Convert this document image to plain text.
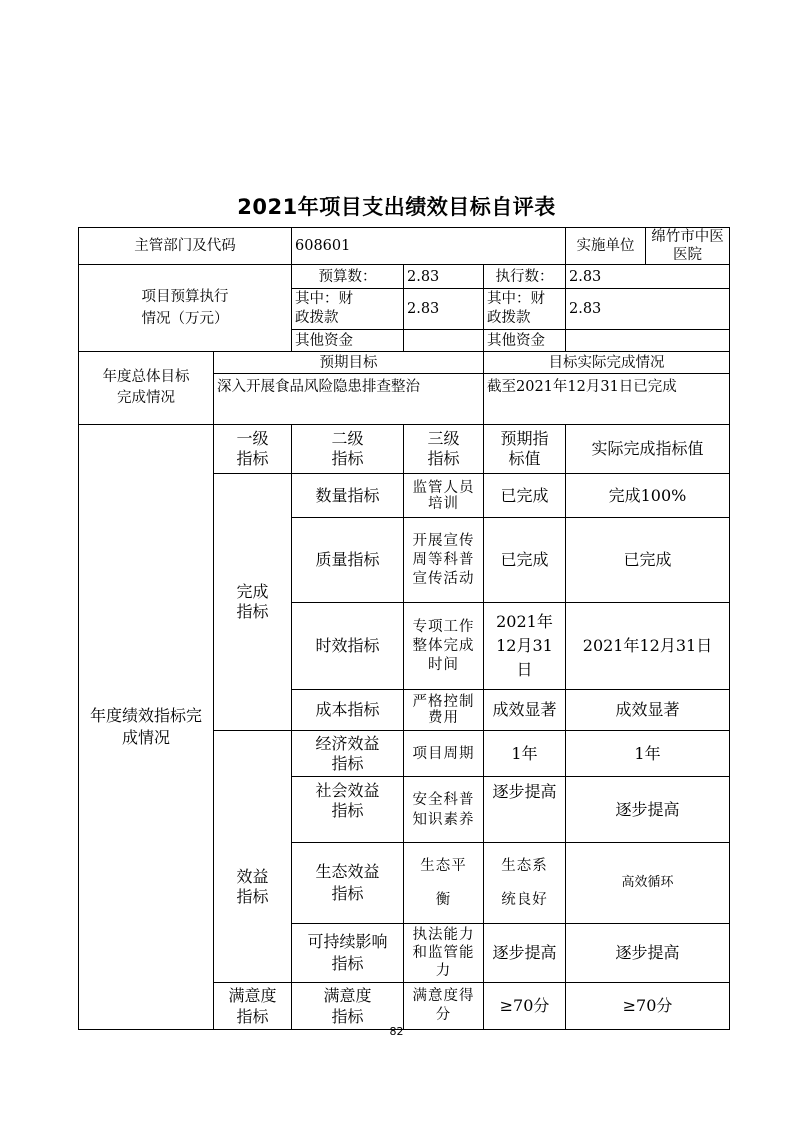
2021年项目支出绩效目标自评表
主管部门及代码		608601			实施单位	绵竹市中医医院

项目预算执行情况（万元）		预算数：	2.83	执行数：	2.83	

		其中：财政拨款	2.83	其中：财政拨款	2.83	
		其他资金		其他资金		

年度总体目标完成情况	预期目标			目标实际完成情况		
	深入开展食品风险隐患排查整治			截至2021年12月31日已完成		

年度绩效指标完成情况	一级指标	二级指标	三级指标	预期指标值	实际完成指标值	

	完成指标	数量指标	监管人员培训	已完成	完成100%	
		质量指标	开展宣传周等科普宣传活动	已完成	已完成	
		时效指标	专项工作整体完成时间	2021年12月31日	2021年12月31日	
		成本指标	严格控制费用	成效显著	成效显著	

	效益指标	经济效益指标	项目周期	1年	1年	

		社会效益指标	安全科普知识素养	逐步提高	逐步提高	

		生态效益指标	生态平衡	生态系统良好	高效循环	

		可持续影响指标	执法能力和监管能力	逐步提高	逐步提高	

	满意度指标	满意度指标	满意度得分	≥70分	≥70分	
82
